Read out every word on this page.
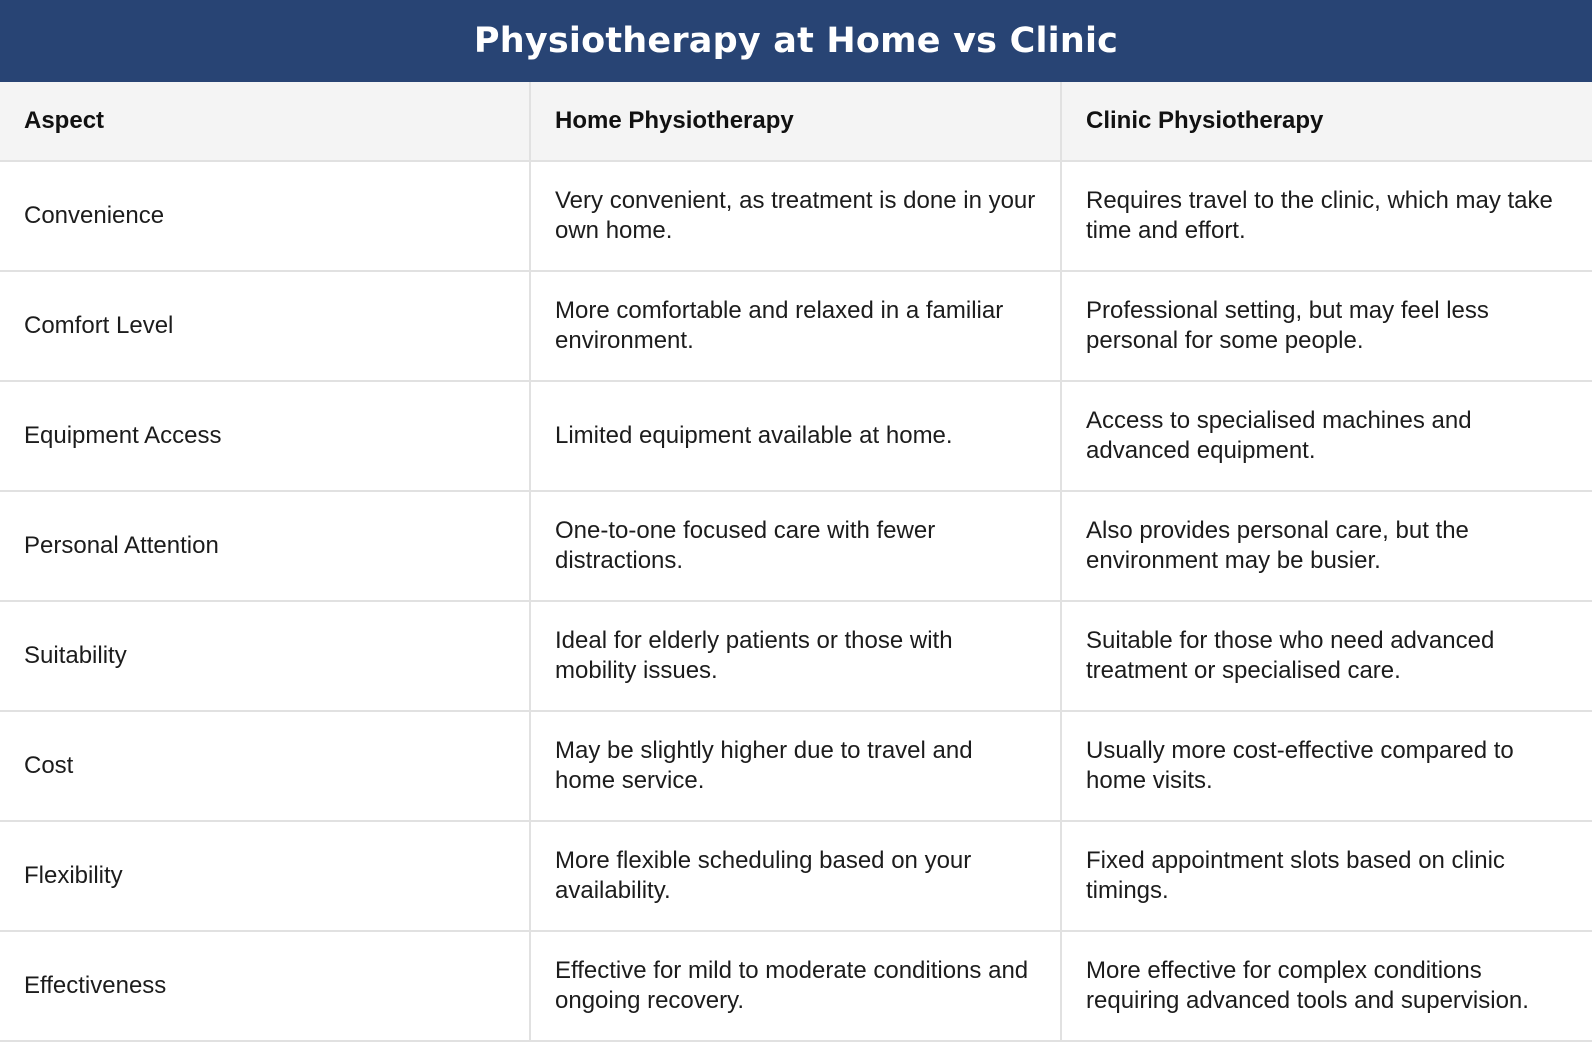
Physiotherapy at Home vs Clinic
Aspect	Home Physiotherapy	Clinic Physiotherapy
Convenience	Very convenient, as treatment is done in your own home.	Requires travel to the clinic, which may take time and effort.
Comfort Level	More comfortable and relaxed in a familiar environment.	Professional setting, but may feel less personal for some people.
Equipment Access	Limited equipment available at home.	Access to specialised machines and advanced equipment.
Personal Attention	One-to-one focused care with fewer distractions.	Also provides personal care, but the environment may be busier.
Suitability	Ideal for elderly patients or those with mobility issues.	Suitable for those who need advanced treatment or specialised care.
Cost	May be slightly higher due to travel and home service.	Usually more cost-effective compared to home visits.
Flexibility	More flexible scheduling based on your availability.	Fixed appointment slots based on clinic timings.
Effectiveness	Effective for mild to moderate conditions and ongoing recovery.	More effective for complex conditions requiring advanced tools and supervision.
